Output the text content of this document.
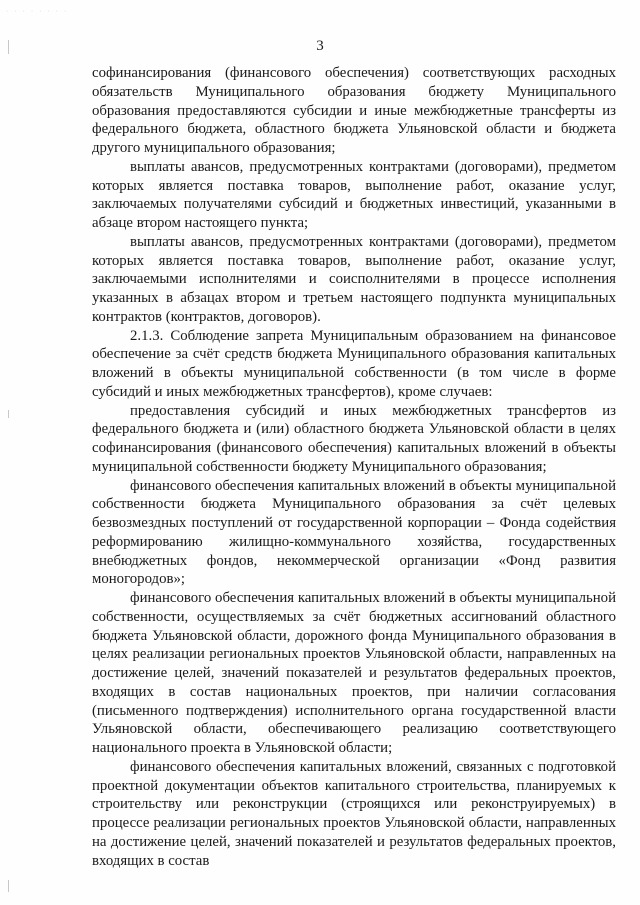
· · · · · · · ·
3

софинансирования (финансового обеспечения) соответствующих расходных обязательств Муниципального образования бюджету Муниципального образования предоставляются субсидии и иные межбюджетные трансферты из федерального бюджета, областного бюджета Ульяновской области и бюджета другого муниципального образования;

выплаты авансов, предусмотренных контрактами (договорами), предметом которых является поставка товаров, выполнение работ, оказание услуг, заключаемых получателями субсидий и бюджетных инвестиций, указанными в абзаце втором настоящего пункта;

выплаты авансов, предусмотренных контрактами (договорами), предметом которых является поставка товаров, выполнение работ, оказание услуг, заключаемыми исполнителями и соисполнителями в процессе исполнения указанных в абзацах втором и третьем настоящего подпункта муниципальных контрактов (контрактов, договоров).

2.1.3. Соблюдение запрета Муниципальным образованием на финансовое обеспечение за счёт средств бюджета Муниципального образования капитальных вложений в объекты муниципальной собственности (в том числе в форме субсидий и иных межбюджетных трансфертов), кроме случаев:

предоставления субсидий и иных межбюджетных трансфертов из федерального бюджета и (или) областного бюджета Ульяновской области в целях софинансирования (финансового обеспечения) капитальных вложений в объекты муниципальной собственности бюджету Муниципального образования;

финансового обеспечения капитальных вложений в объекты муниципальной собственности бюджета Муниципального образования за счёт целевых безвозмездных поступлений от государственной корпорации – Фонда содействия реформированию жилищно-коммунального хозяйства, государственных внебюджетных фондов, некоммерческой организации «Фонд развития моногородов»;

финансового обеспечения капитальных вложений в объекты муниципальной собственности, осуществляемых за счёт бюджетных ассигнований областного бюджета Ульяновской области, дорожного фонда Муниципального образования в целях реализации региональных проектов Ульяновской области, направленных на достижение целей, значений показателей и результатов федеральных проектов, входящих в состав национальных проектов, при наличии согласования (письменного подтверждения) исполнительного органа государственной власти Ульяновской области, обеспечивающего реализацию соответствующего национального проекта в Ульяновской области;

финансового обеспечения капитальных вложений, связанных с подготовкой проектной документации объектов капитального строительства, планируемых к строительству или реконструкции (строящихся или реконструируемых) в процессе реализации региональных проектов Ульяновской области, направленных на достижение целей, значений показателей и результатов федеральных проектов, входящих в состав
